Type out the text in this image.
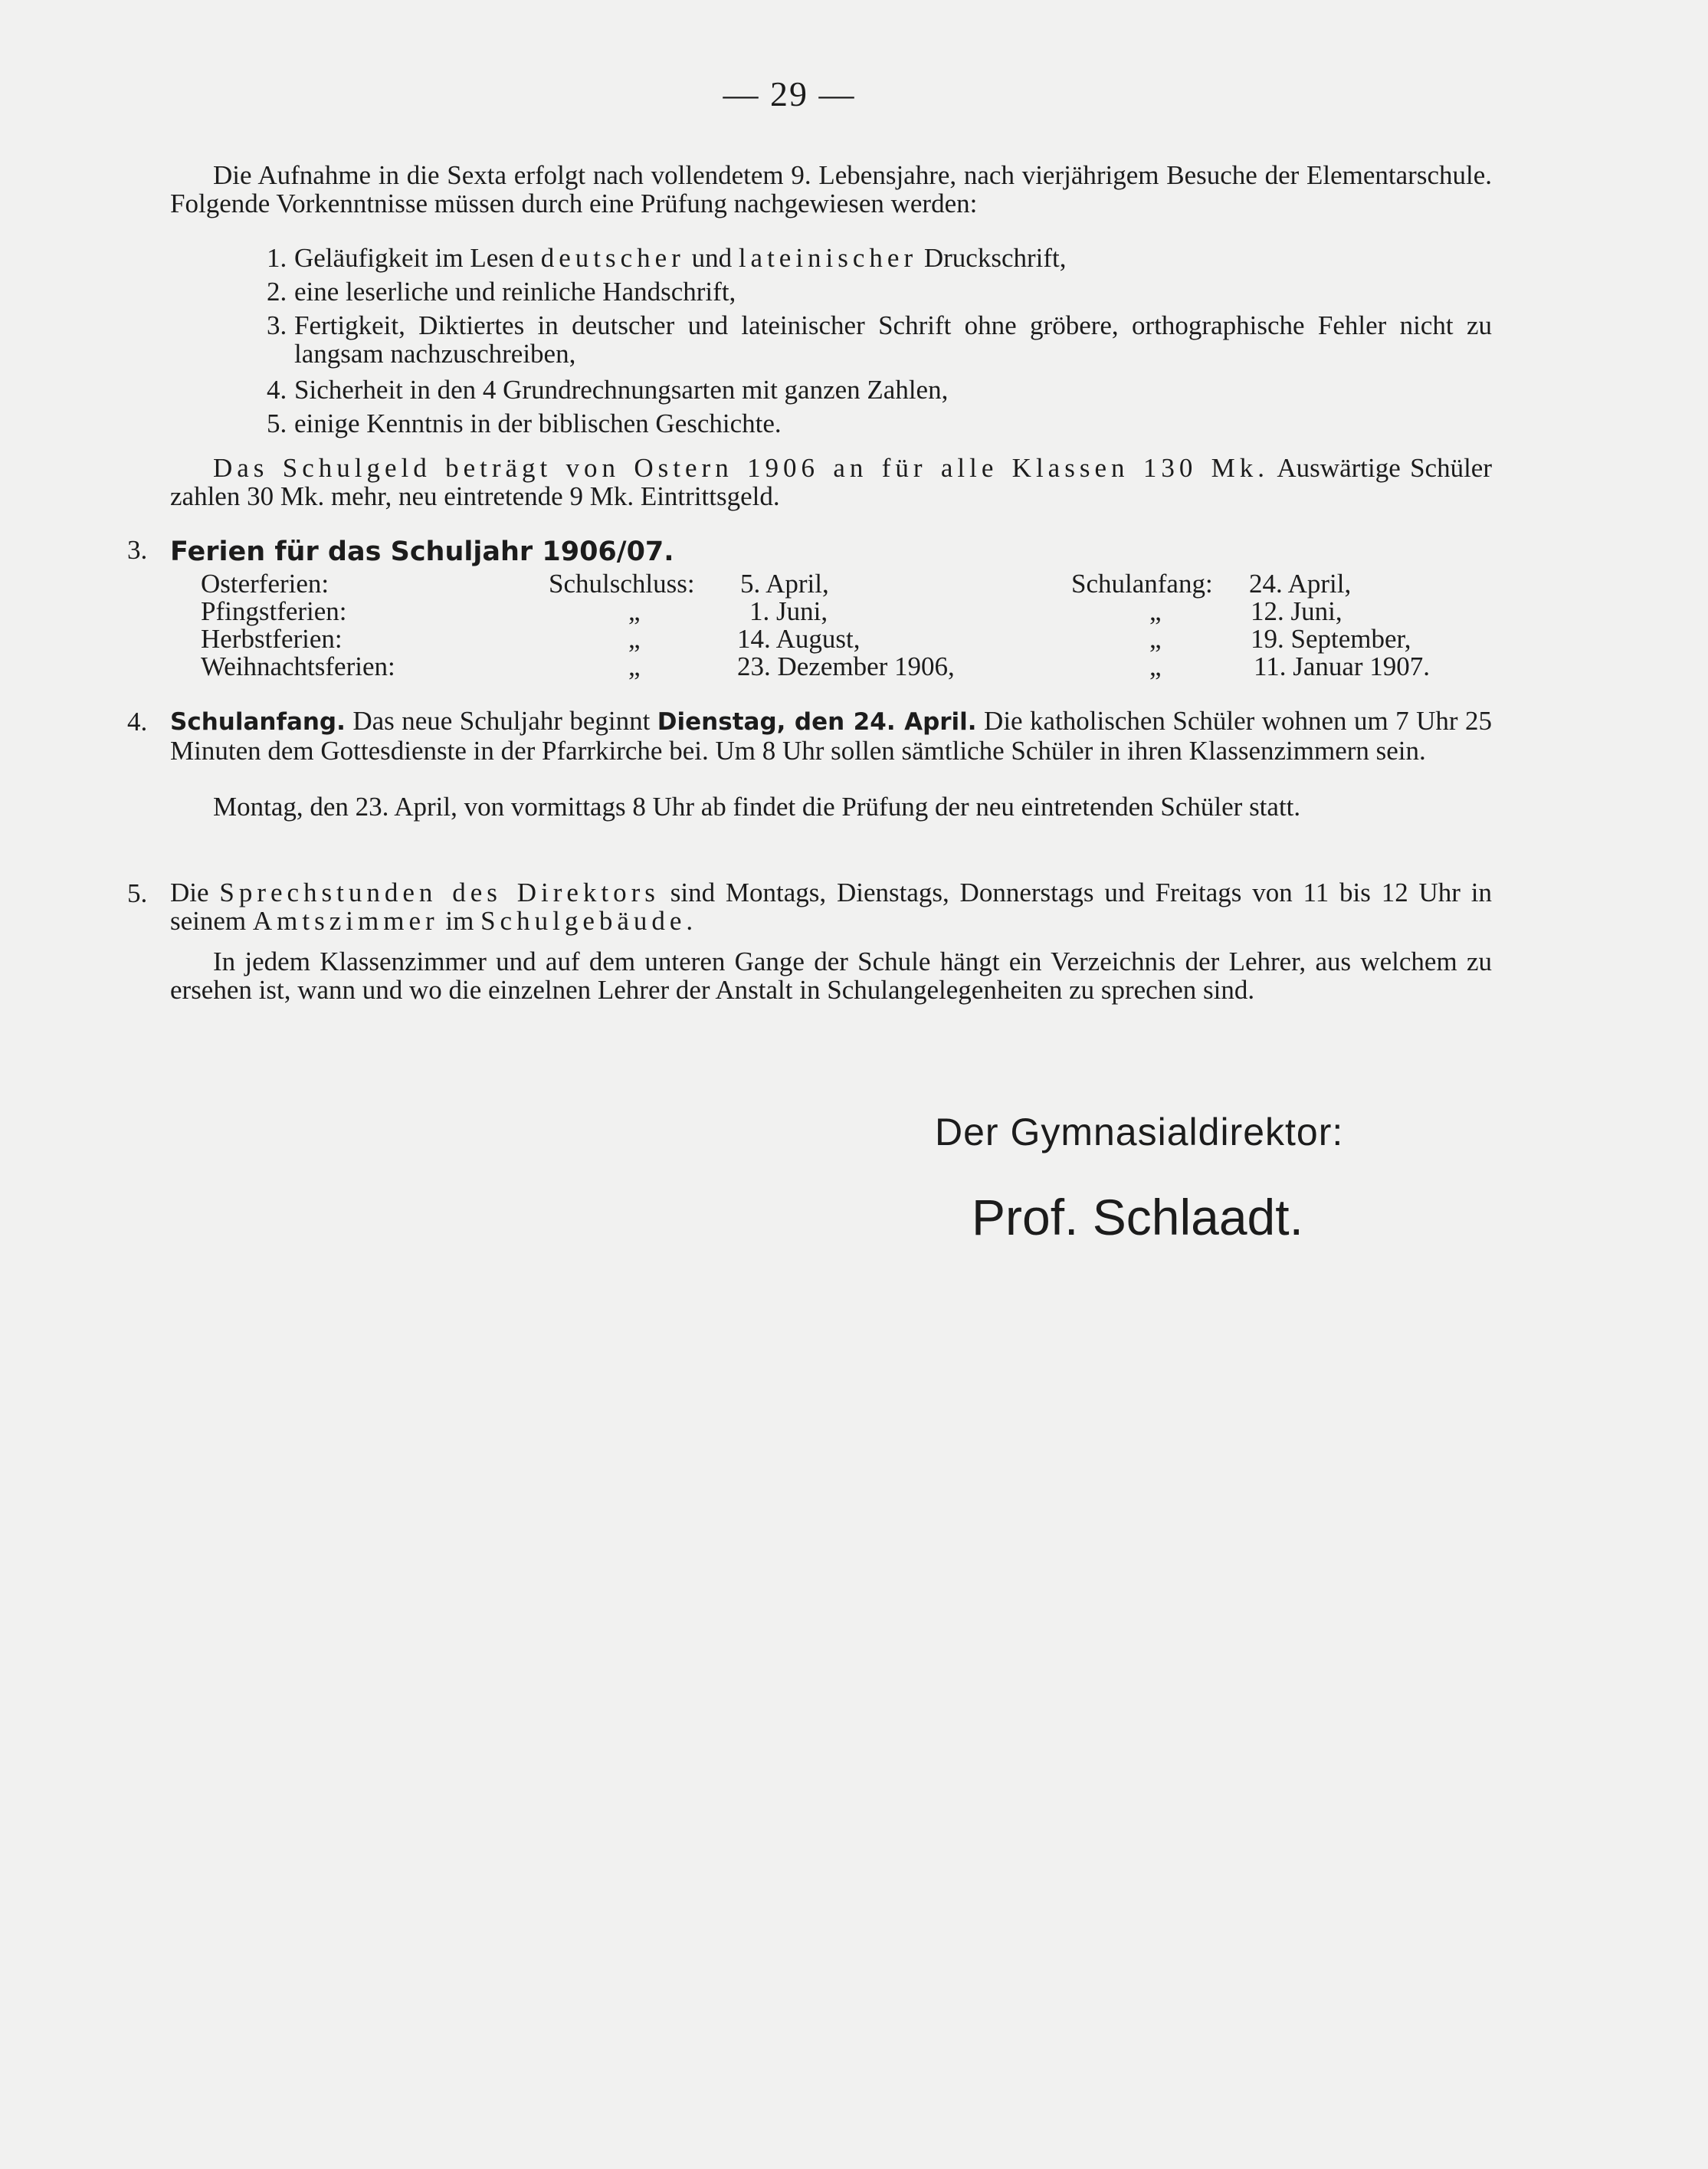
— 29 —
Die Aufnahme in die Sexta erfolgt nach vollendetem 9. Lebensjahre, nach vierjährigem Besuche der Elementarschule. Folgende Vorkenntnisse müssen durch eine Prüfung nachgewiesen werden:
1. Geläufigkeit im Lesen deutscher und lateinischer Druckschrift,
2. eine leserliche und reinliche Handschrift,
3. Fertigkeit, Diktiertes in deutscher und lateinischer Schrift ohne gröbere, orthographische Fehler nicht zu langsam nachzuschreiben,
4. Sicherheit in den 4 Grundrechnungsarten mit ganzen Zahlen,
5. einige Kenntnis in der biblischen Geschichte.
Das Schulgeld beträgt von Ostern 1906 an für alle Klassen 130 Mk. Auswärtige Schüler zahlen 30 Mk. mehr, neu eintretende 9 Mk. Eintrittsgeld.
3. Ferien für das Schuljahr 1906/07.
Osterferien:	Schulschluss: 5. April,	Schulanfang: 24. April,
Pfingstferien:	„	1. Juni,	„	12. Juni,
Herbstferien:	„	14. August,	„	19. September,
Weihnachtsferien:	„	23. Dezember 1906,	„	11. Januar 1907.
4. Schulanfang. Das neue Schuljahr beginnt Dienstag, den 24. April. Die katholischen Schüler wohnen um 7 Uhr 25 Minuten dem Gottesdienste in der Pfarrkirche bei. Um 8 Uhr sollen sämtliche Schüler in ihren Klassenzimmern sein.
Montag, den 23. April, von vormittags 8 Uhr ab findet die Prüfung der neu eintretenden Schüler statt.
5. Die Sprechstunden des Direktors sind Montags, Dienstags, Donnerstags und Freitags von 11 bis 12 Uhr in seinem Amtszimmer im Schulgebäude.
In jedem Klassenzimmer und auf dem unteren Gange der Schule hängt ein Verzeichnis der Lehrer, aus welchem zu ersehen ist, wann und wo die einzelnen Lehrer der Anstalt in Schulangelegenheiten zu sprechen sind.
Der Gymnasialdirektor:
Prof. Schlaadt.
